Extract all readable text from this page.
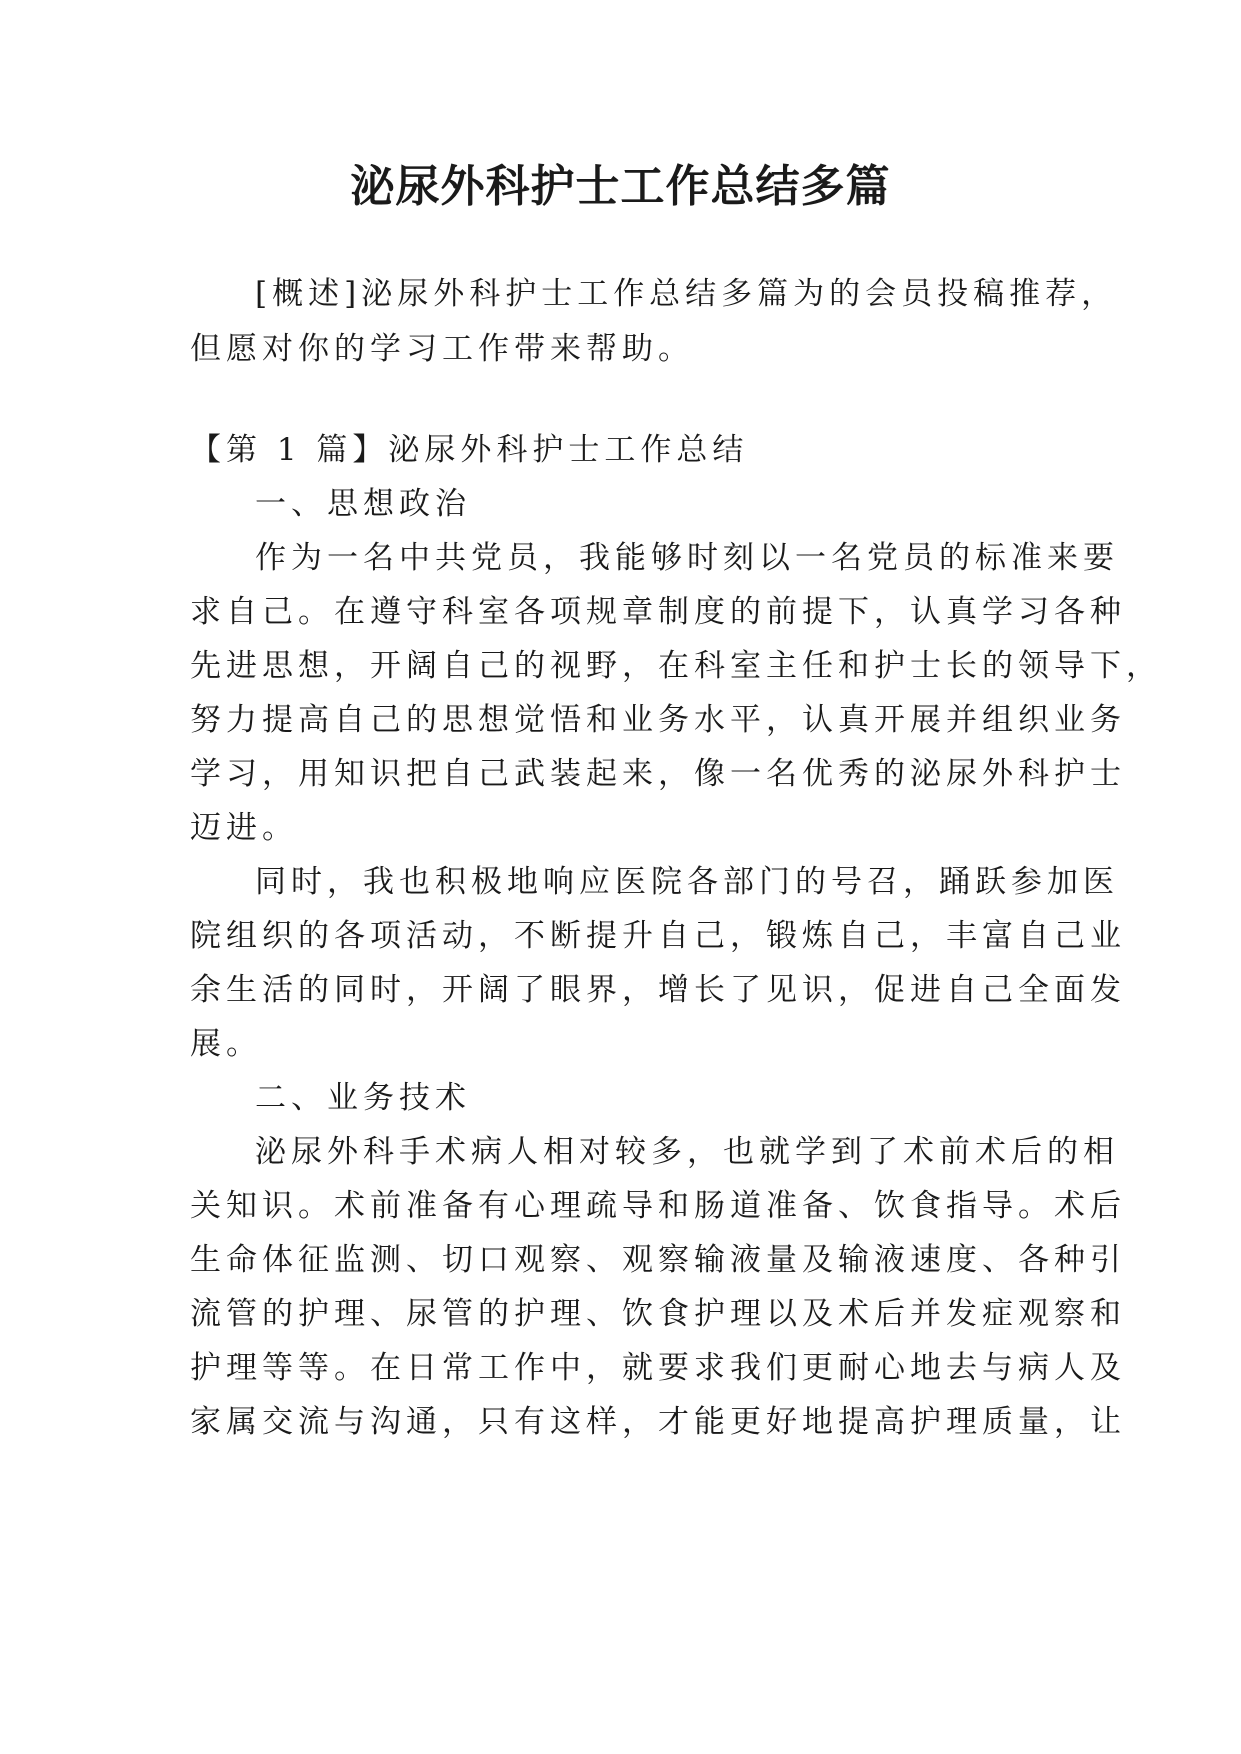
泌尿外科护士工作总结多篇
[概述]泌尿外科护士工作总结多篇为的会员投稿推荐，
但愿对你的学习工作带来帮助。
【第 1 篇】泌尿外科护士工作总结
一、思想政治
作为一名中共党员，我能够时刻以一名党员的标准来要
求自己。在遵守科室各项规章制度的前提下，认真学习各种
先进思想，开阔自己的视野，在科室主任和护士长的领导下，
努力提高自己的思想觉悟和业务水平，认真开展并组织业务
学习，用知识把自己武装起来，像一名优秀的泌尿外科护士
迈进。
同时，我也积极地响应医院各部门的号召，踊跃参加医
院组织的各项活动，不断提升自己，锻炼自己，丰富自己业
余生活的同时，开阔了眼界，增长了见识，促进自己全面发
展。
二、业务技术
泌尿外科手术病人相对较多，也就学到了术前术后的相
关知识。术前准备有心理疏导和肠道准备、饮食指导。术后
生命体征监测、切口观察、观察输液量及输液速度、各种引
流管的护理、尿管的护理、饮食护理以及术后并发症观察和
护理等等。在日常工作中，就要求我们更耐心地去与病人及
家属交流与沟通，只有这样，才能更好地提高护理质量，让
